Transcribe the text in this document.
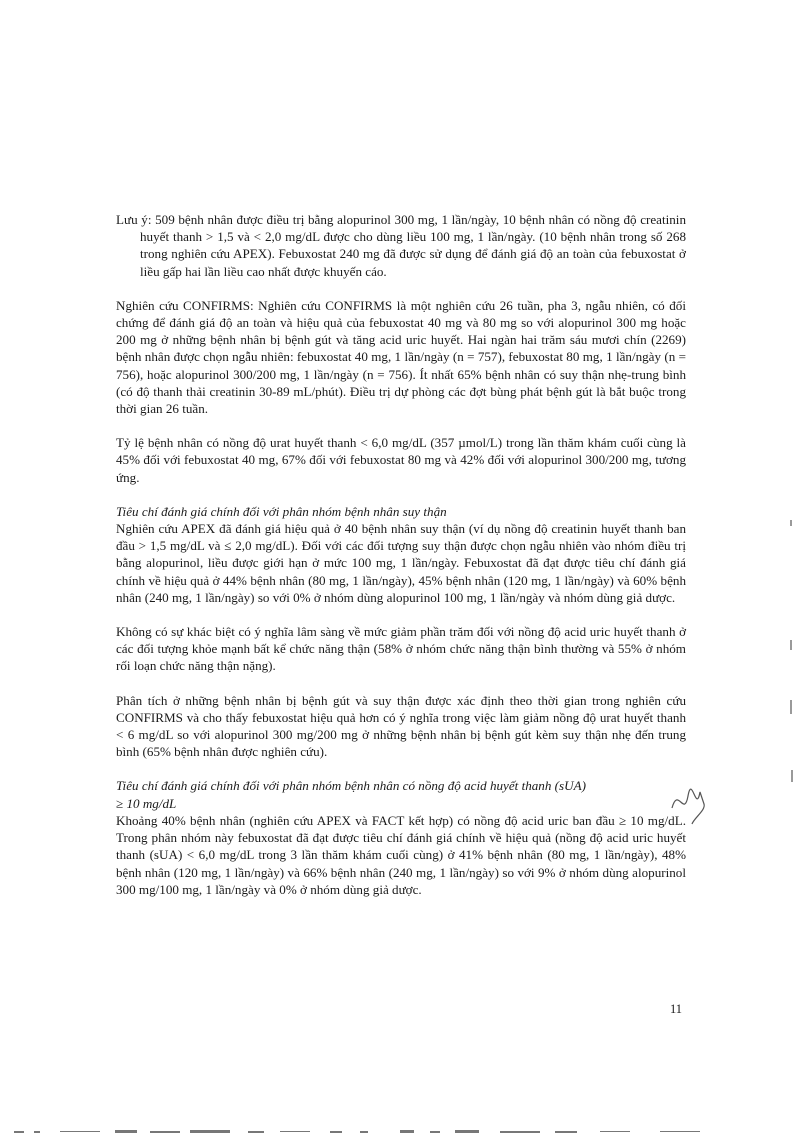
Lưu ý: 509 bệnh nhân được điều trị bằng alopurinol 300 mg, 1 lần/ngày, 10 bệnh nhân có nồng độ creatinin huyết thanh > 1,5 và < 2,0 mg/dL được cho dùng liều 100 mg, 1 lần/ngày. (10 bệnh nhân trong số 268 trong nghiên cứu APEX). Febuxostat 240 mg đã được sử dụng để đánh giá độ an toàn của febuxostat ở liều gấp hai lần liều cao nhất được khuyến cáo.

Nghiên cứu CONFIRMS: Nghiên cứu CONFIRMS là một nghiên cứu 26 tuần, pha 3, ngẫu nhiên, có đối chứng để đánh giá độ an toàn và hiệu quả của febuxostat 40 mg và 80 mg so với alopurinol 300 mg hoặc 200 mg ở những bệnh nhân bị bệnh gút và tăng acid uric huyết. Hai ngàn hai trăm sáu mươi chín (2269) bệnh nhân được chọn ngẫu nhiên: febuxostat 40 mg, 1 lần/ngày (n = 757), febuxostat 80 mg, 1 lần/ngày (n = 756), hoặc alopurinol 300/200 mg, 1 lần/ngày (n = 756). Ít nhất 65% bệnh nhân có suy thận nhẹ-trung bình (có độ thanh thải creatinin 30-89 mL/phút). Điều trị dự phòng các đợt bùng phát bệnh gút là bắt buộc trong thời gian 26 tuần.

Tỷ lệ bệnh nhân có nồng độ urat huyết thanh < 6,0 mg/dL (357 µmol/L) trong lần thăm khám cuối cùng là 45% đối với febuxostat 40 mg, 67% đối với febuxostat 80 mg và 42% đối với alopurinol 300/200 mg, tương ứng.

Tiêu chí đánh giá chính đối với phân nhóm bệnh nhân suy thận

Nghiên cứu APEX đã đánh giá hiệu quả ở 40 bệnh nhân suy thận (ví dụ nồng độ creatinin huyết thanh ban đầu > 1,5 mg/dL và ≤ 2,0 mg/dL). Đối với các đối tượng suy thận được chọn ngẫu nhiên vào nhóm điều trị bằng alopurinol, liều được giới hạn ở mức 100 mg, 1 lần/ngày. Febuxostat đã đạt được tiêu chí đánh giá chính về hiệu quả ở 44% bệnh nhân (80 mg, 1 lần/ngày), 45% bệnh nhân (120 mg, 1 lần/ngày) và 60% bệnh nhân (240 mg, 1 lần/ngày) so với 0% ở nhóm dùng alopurinol 100 mg, 1 lần/ngày và nhóm dùng giả dược.

Không có sự khác biệt có ý nghĩa lâm sàng về mức giảm phần trăm đối với nồng độ acid uric huyết thanh ở các đối tượng khỏe mạnh bất kể chức năng thận (58% ở nhóm chức năng thận bình thường và 55% ở nhóm rối loạn chức năng thận nặng).

Phân tích ở những bệnh nhân bị bệnh gút và suy thận được xác định theo thời gian trong nghiên cứu CONFIRMS và cho thấy febuxostat hiệu quả hơn có ý nghĩa trong việc làm giảm nồng độ urat huyết thanh < 6 mg/dL so với alopurinol 300 mg/200 mg ở những bệnh nhân bị bệnh gút kèm suy thận nhẹ đến trung bình (65% bệnh nhân được nghiên cứu).

Tiêu chí đánh giá chính đối với phân nhóm bệnh nhân có nồng độ acid huyết thanh (sUA)

≥ 10 mg/dL

Khoảng 40% bệnh nhân (nghiên cứu APEX và FACT kết hợp) có nồng độ acid uric ban đầu ≥ 10 mg/dL. Trong phân nhóm này febuxostat đã đạt được tiêu chí đánh giá chính về hiệu quả (nồng độ acid uric huyết thanh (sUA) < 6,0 mg/dL trong 3 lần thăm khám cuối cùng) ở 41% bệnh nhân (80 mg, 1 lần/ngày), 48% bệnh nhân (120 mg, 1 lần/ngày) và 66% bệnh nhân (240 mg, 1 lần/ngày) so với 9% ở nhóm dùng alopurinol 300 mg/100 mg, 1 lần/ngày và 0% ở nhóm dùng giả dược.

11
